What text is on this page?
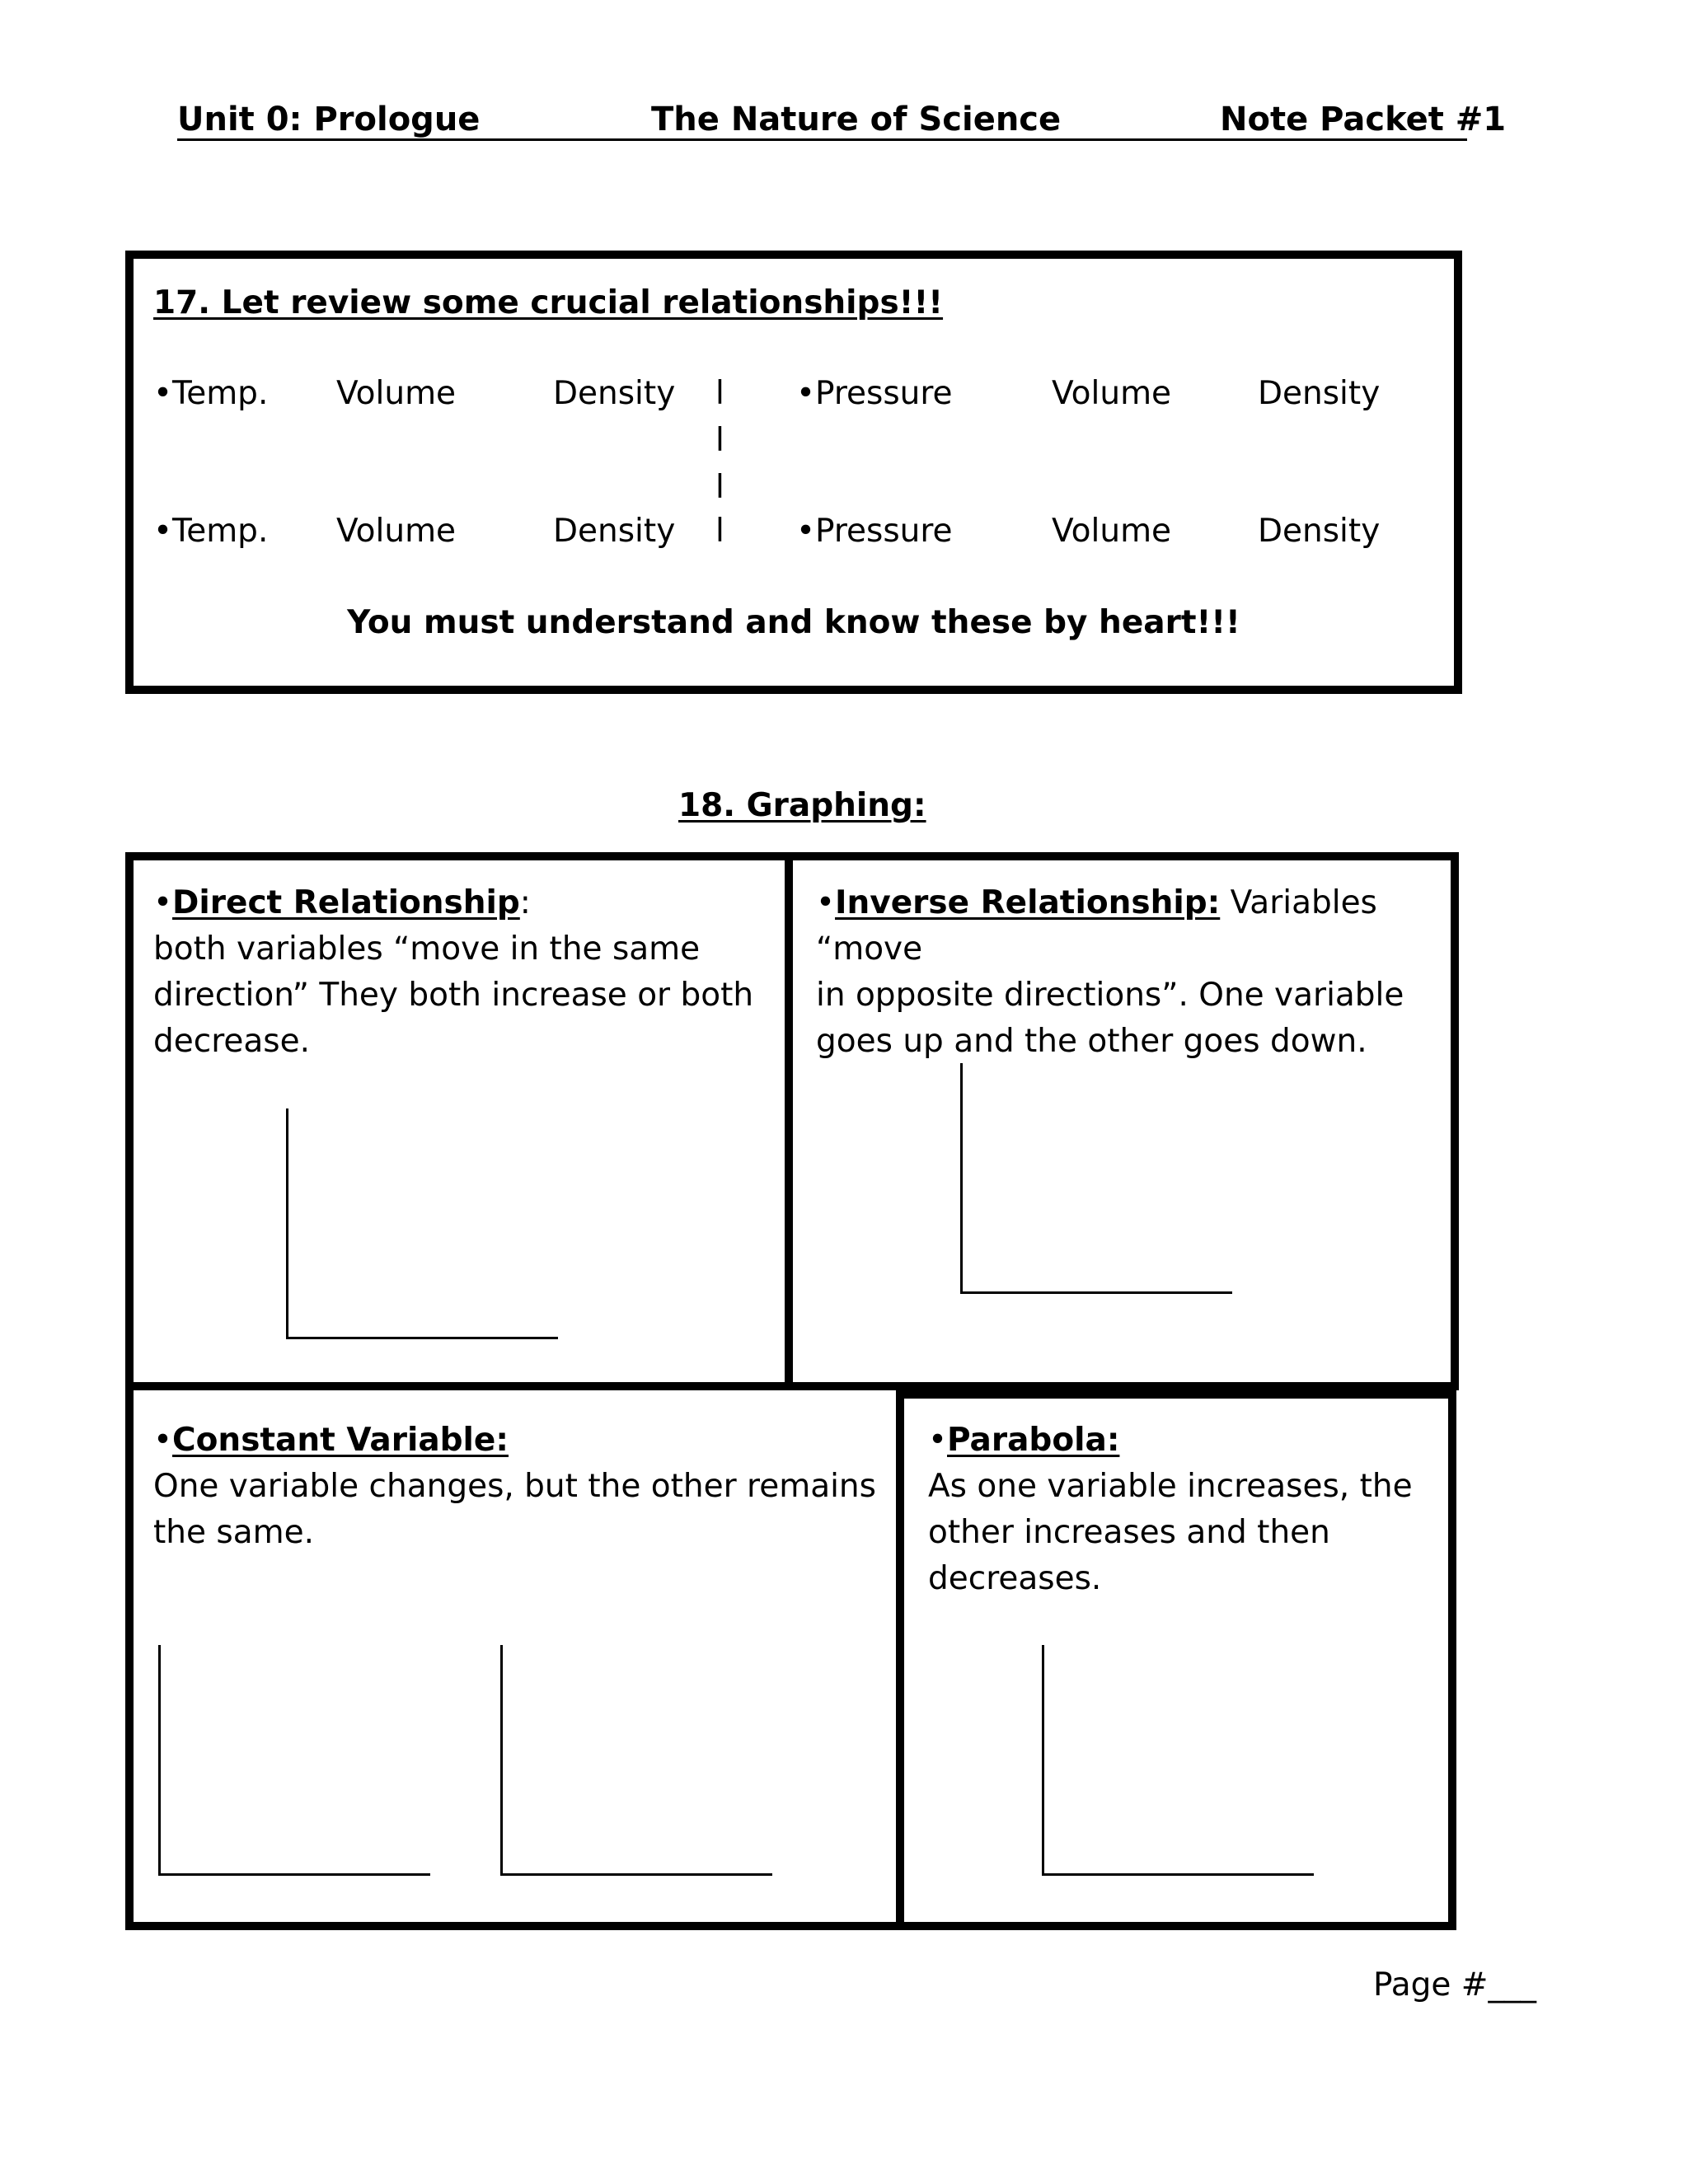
Unit 0: Prologue	The Nature of Science	Note Packet #1
17. Let review some crucial relationships!!!
•Temp. Volume	Density	•Pressure	Volume	Density
l
l
l
l
•Temp. Volume	Density	•Pressure	Volume	Density
You must understand and know these by heart!!!
18. Graphing:
•Direct Relationship:
both variables “move in the same
direction” They both increase or both
decrease.
•Inverse Relationship: Variables “move
in opposite directions”. One variable
goes up and the other goes down.
•Constant Variable:
One variable changes, but the other remains
the same.
•Parabola:
As one variable increases, the
other increases and then
decreases.
Page #___
